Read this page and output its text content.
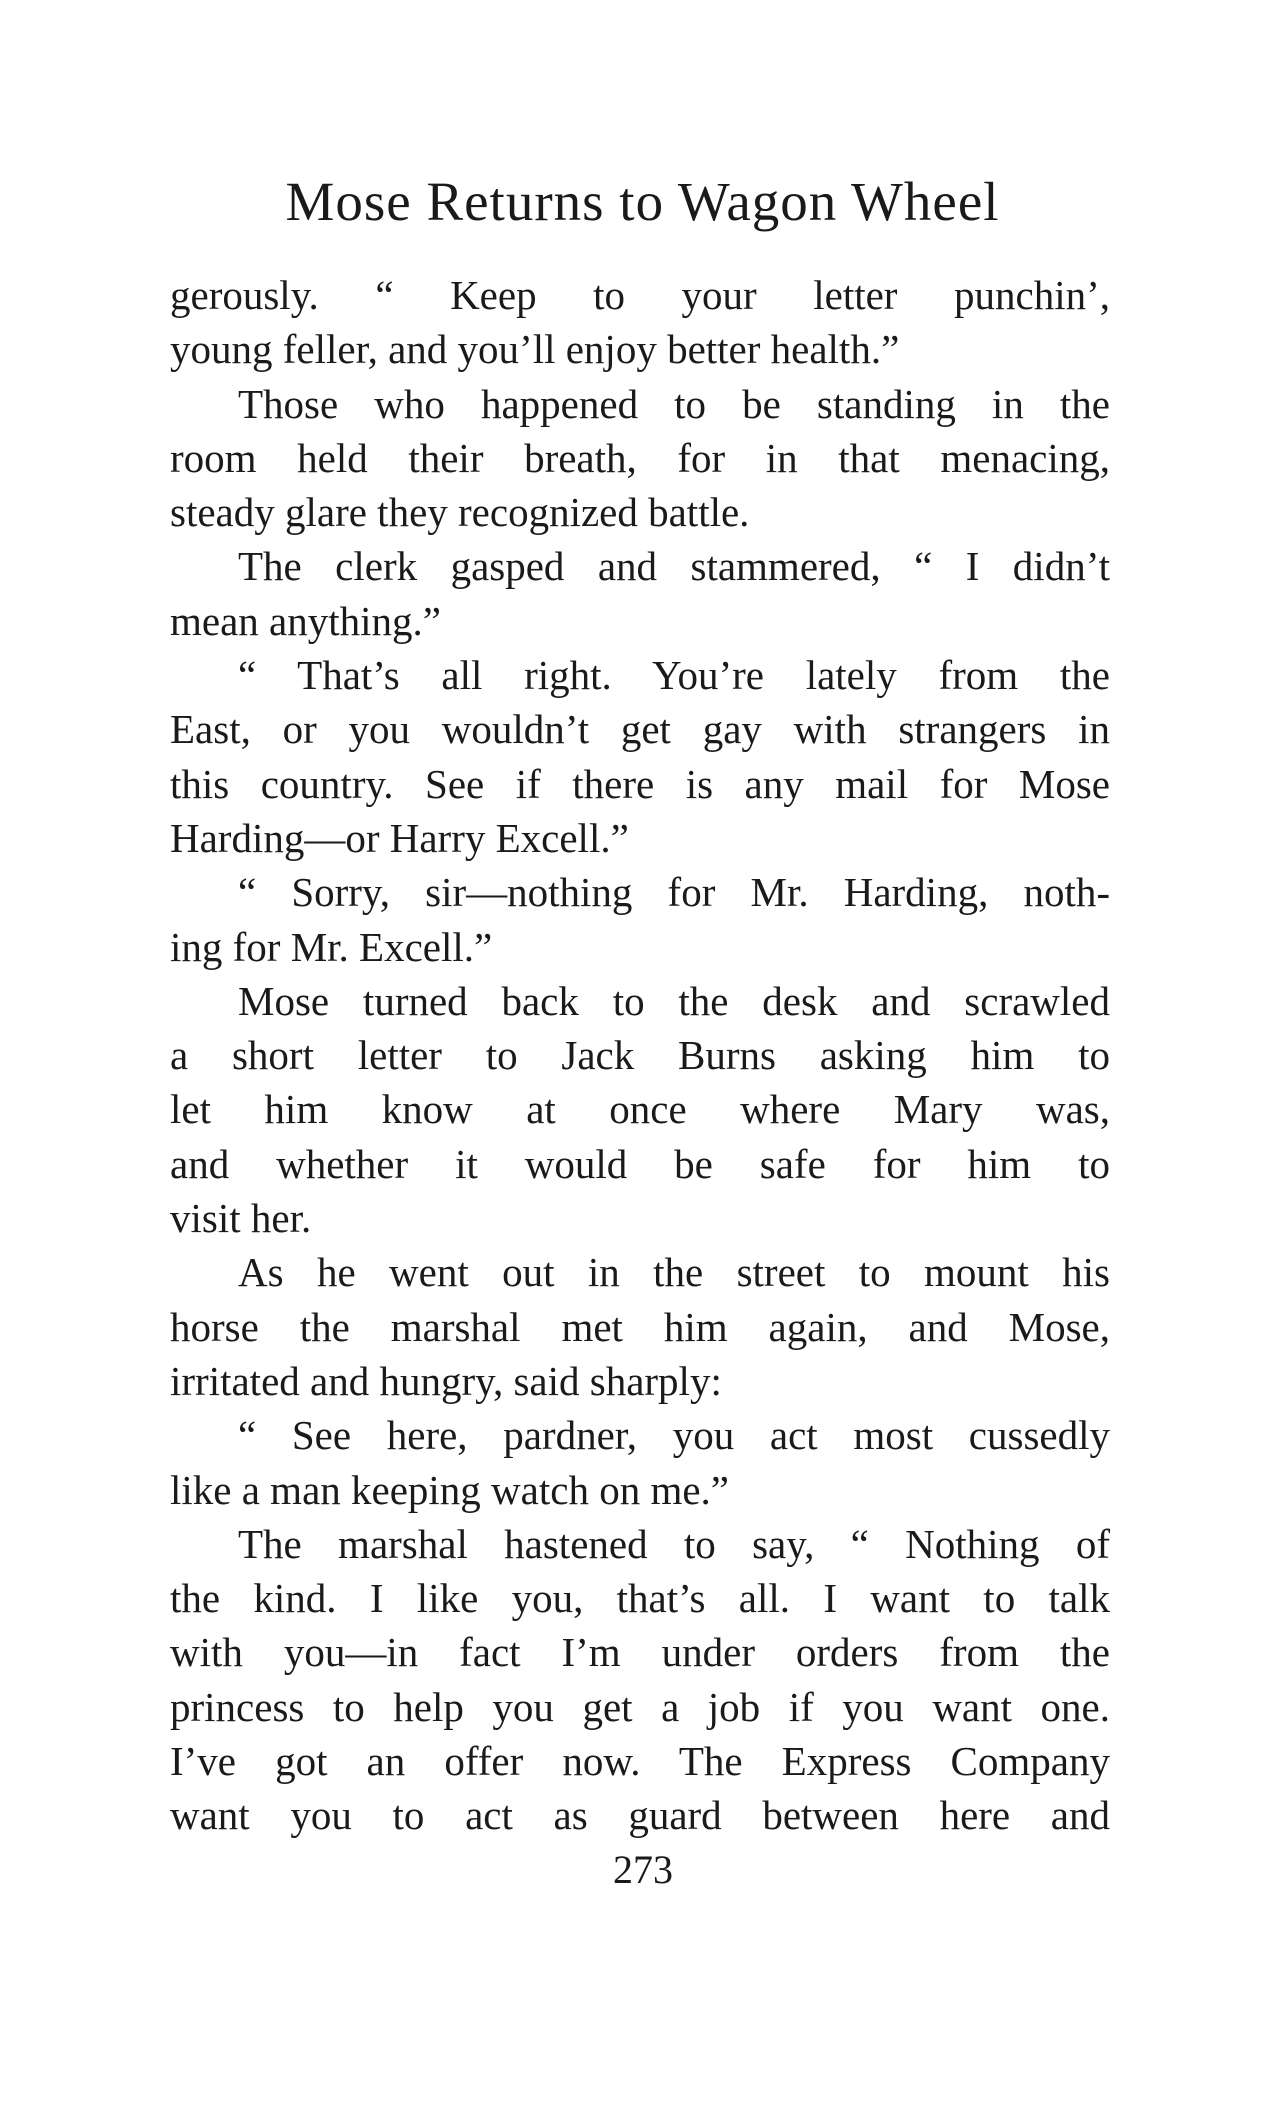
Mose Returns to Wagon Wheel
gerously. “ Keep to your letter punchin’,
young feller, and you’ll enjoy better health.”
Those who happened to be standing in the
room held their breath, for in that menacing,
steady glare they recognized battle.
The clerk gasped and stammered, “ I didn’t
mean anything.”
“ That’s all right. You’re lately from the
East, or you wouldn’t get gay with strangers in
this country. See if there is any mail for Mose
Harding—or Harry Excell.”
“ Sorry, sir—nothing for Mr. Harding, noth-
ing for Mr. Excell.”
Mose turned back to the desk and scrawled
a short letter to Jack Burns asking him to
let him know at once where Mary was,
and whether it would be safe for him to
visit her.
As he went out in the street to mount his
horse the marshal met him again, and Mose,
irritated and hungry, said sharply:
“ See here, pardner, you act most cussedly
like a man keeping watch on me.”
The marshal hastened to say, “ Nothing of
the kind. I like you, that’s all. I want to talk
with you—in fact I’m under orders from the
princess to help you get a job if you want one.
I’ve got an offer now. The Express Company
want you to act as guard between here and
273
